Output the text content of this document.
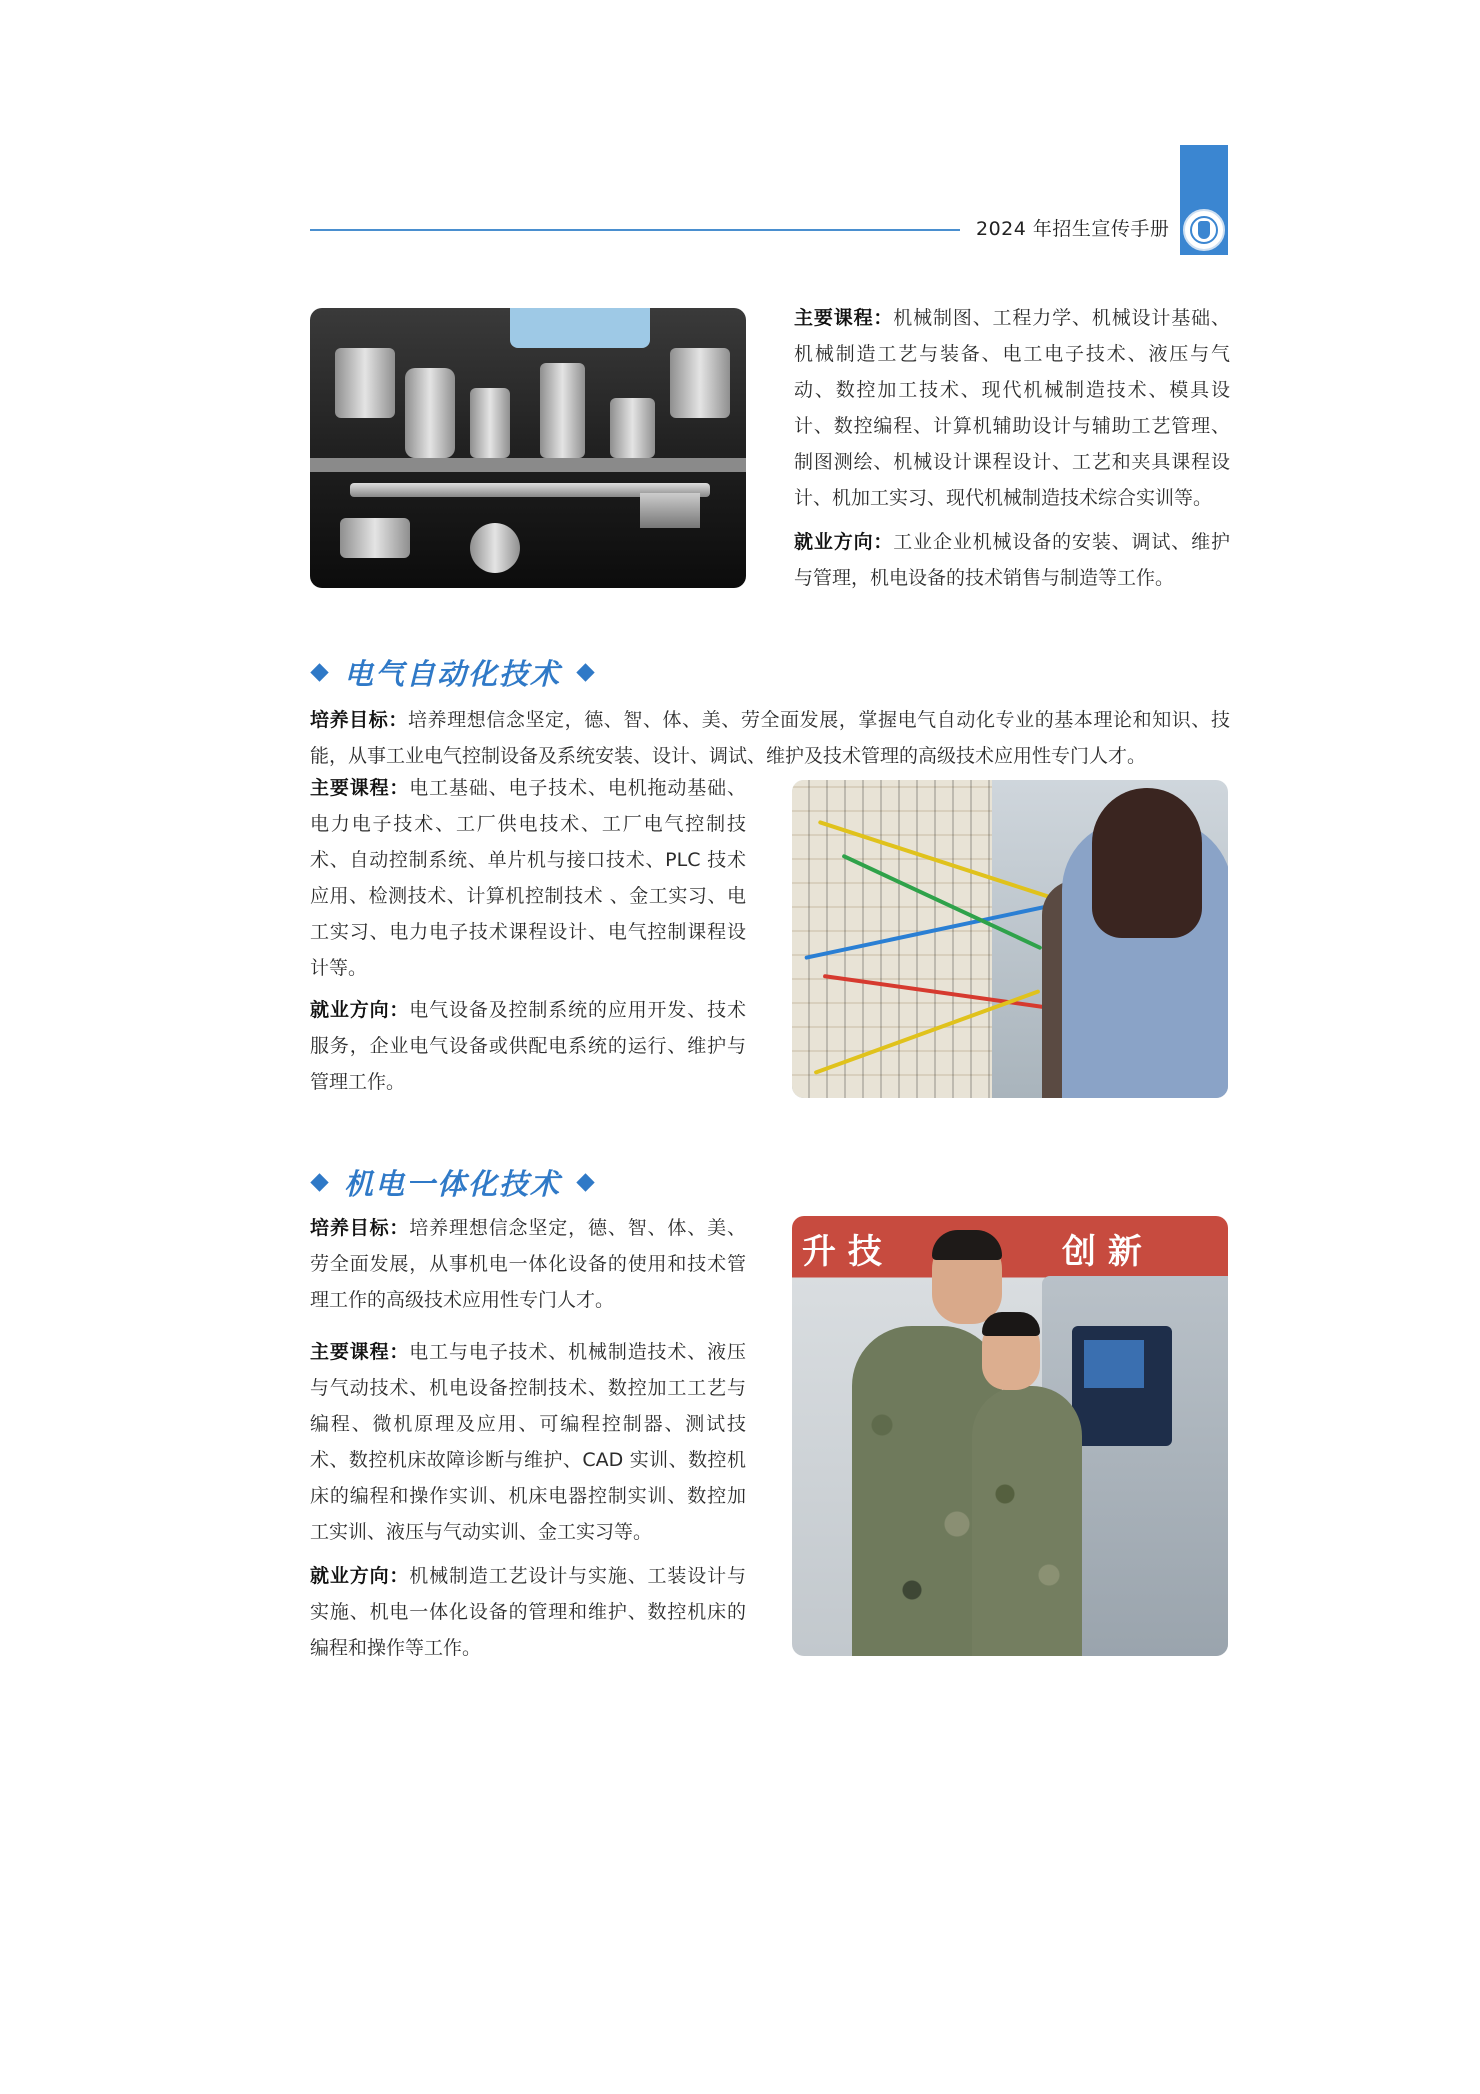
2024 年招生宣传手册
主要课程：机械制图、工程力学、机械设计基础、机械制造工艺与装备、电工电子技术、液压与气动、数控加工技术、现代机械制造技术、模具设计、数控编程、计算机辅助设计与辅助工艺管理、制图测绘、机械设计课程设计、工艺和夹具课程设计、机加工实习、现代机械制造技术综合实训等。
就业方向：工业企业机械设备的安装、调试、维护与管理，机电设备的技术销售与制造等工作。
电气自动化技术
培养目标：培养理想信念坚定，德、智、体、美、劳全面发展，掌握电气自动化专业的基本理论和知识、技能，从事工业电气控制设备及系统安装、设计、调试、维护及技术管理的高级技术应用性专门人才。
主要课程：电工基础、电子技术、电机拖动基础、电力电子技术、工厂供电技术、工厂电气控制技术、自动控制系统、单片机与接口技术、PLC 技术应用、检测技术、计算机控制技术 、金工实习、电工实习、电力电子技术课程设计、电气控制课程设计等。
就业方向：电气设备及控制系统的应用开发、技术服务，企业电气设备或供配电系统的运行、维护与管理工作。
机电一体化技术
培养目标：培养理想信念坚定，德、智、体、美、劳全面发展，从事机电一体化设备的使用和技术管理工作的高级技术应用性专门人才。
主要课程：电工与电子技术、机械制造技术、液压与气动技术、机电设备控制技术、数控加工工艺与编程、微机原理及应用、可编程控制器、测试技术、数控机床故障诊断与维护、CAD 实训、数控机床的编程和操作实训、机床电器控制实训、数控加工实训、液压与气动实训、金工实习等。
就业方向：机械制造工艺设计与实施、工装设计与实施、机电一体化设备的管理和维护、数控机床的编程和操作等工作。
升 技	创 新
